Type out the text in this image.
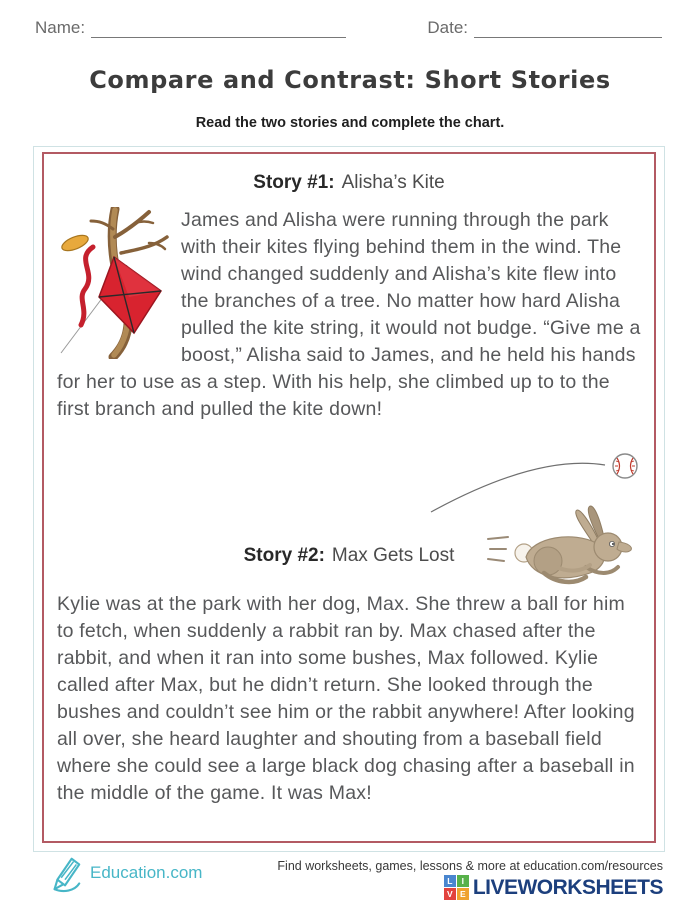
Name:	Date:
Compare and Contrast: Short Stories
Read the two stories and complete the chart.
Story #1: Alisha’s Kite

James and Alisha were running through the park with their kites flying behind them in the wind. The wind changed suddenly and Alisha’s kite flew into the branches of a tree. No matter how hard Alisha pulled the kite string, it would not budge. “Give me a boost,” Alisha said to James, and he held his hands for her to use as a step. With his help, she climbed up to to the first branch and pulled the kite down!

Story #2: Max Gets Lost

Kylie was at the park with her dog, Max. She threw a ball for him to fetch, when suddenly a rabbit ran by. Max chased after the rabbit, and when it ran into some bushes, Max followed. Kylie called after Max, but he didn’t return. She looked through the bushes and couldn’t see him or the rabbit anywhere! After looking all over, she heard laughter and shouting from a baseball field where she could see a large black dog chasing after a baseball in the middle of the game. It was Max!

Education.com	Find worksheets, games, lessons & more at education.com/resources
L	I
V E LIVEWORKSHEETS
